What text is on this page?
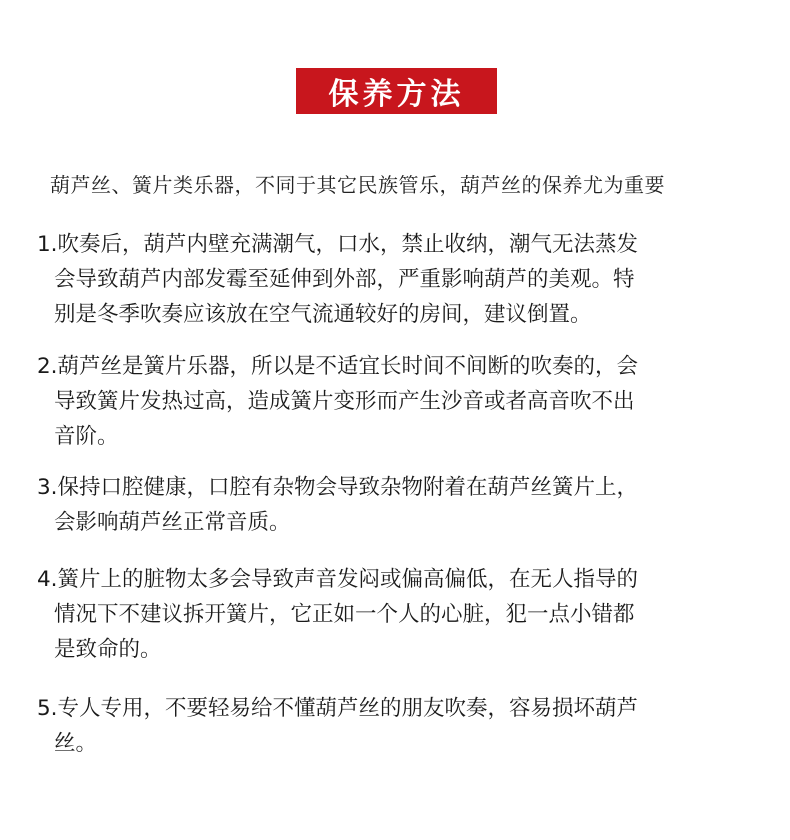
保养方法
葫芦丝、簧片类乐器，不同于其它民族管乐，葫芦丝的保养尤为重要
1.吹奏后，葫芦内壁充满潮气，口水，禁止收纳，潮气无法蒸发
会导致葫芦内部发霉至延伸到外部，严重影响葫芦的美观。特
别是冬季吹奏应该放在空气流通较好的房间，建议倒置。
2.葫芦丝是簧片乐器，所以是不适宜长时间不间断的吹奏的，会
导致簧片发热过高，造成簧片变形而产生沙音或者高音吹不出
音阶。
3.保持口腔健康，口腔有杂物会导致杂物附着在葫芦丝簧片上，
会影响葫芦丝正常音质。
4.簧片上的脏物太多会导致声音发闷或偏高偏低，在无人指导的
情况下不建议拆开簧片，它正如一个人的心脏，犯一点小错都
是致命的。
5.专人专用，不要轻易给不懂葫芦丝的朋友吹奏，容易损坏葫芦
丝。
